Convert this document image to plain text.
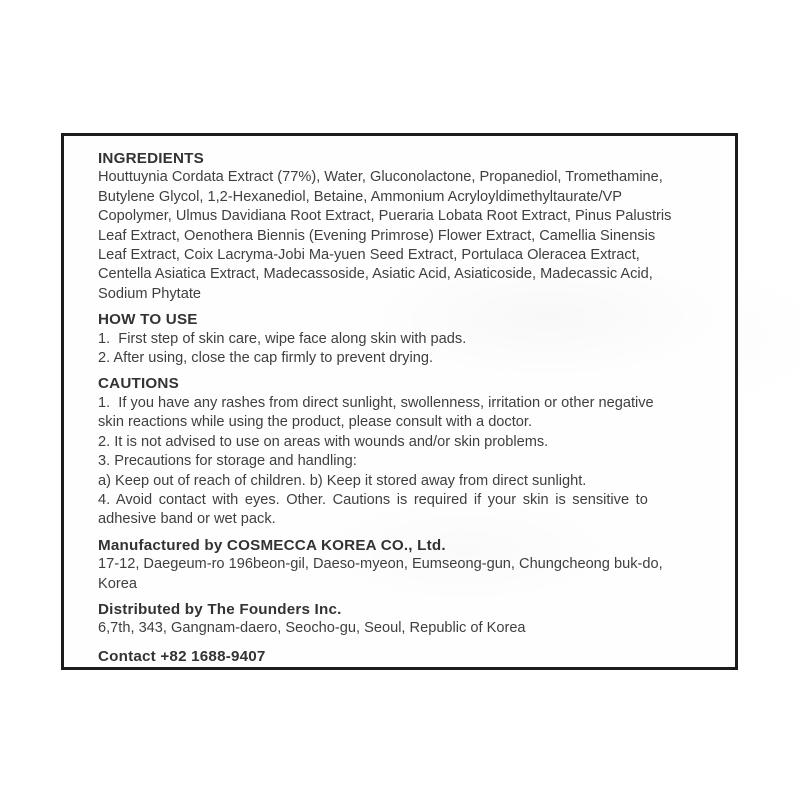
INGREDIENTS
Houttuynia Cordata Extract (77%), Water, Gluconolactone, Propanediol, Tromethamine,
Butylene Glycol, 1,2-Hexanediol, Betaine, Ammonium Acryloyldimethyltaurate/VP
Copolymer, Ulmus Davidiana Root Extract, Pueraria Lobata Root Extract, Pinus Palustris
Leaf Extract, Oenothera Biennis (Evening Primrose) Flower Extract, Camellia Sinensis
Leaf Extract, Coix Lacryma-Jobi Ma-yuen Seed Extract, Portulaca Oleracea Extract,
Centella Asiatica Extract, Madecassoside, Asiatic Acid, Asiaticoside, Madecassic Acid,
Sodium Phytate
HOW TO USE
1.  First step of skin care, wipe face along skin with pads.
2. After using, close the cap firmly to prevent drying.
CAUTIONS
1.  If you have any rashes from direct sunlight, swollenness, irritation or other negative
skin reactions while using the product, please consult with a doctor.
2. It is not advised to use on areas with wounds and/or skin problems.
3. Precautions for storage and handling:
a) Keep out of reach of children. b) Keep it stored away from direct sunlight.
4. Avoid contact with eyes. Other. Cautions is required if your skin is sensitive to
adhesive band or wet pack.
Manufactured by COSMECCA KOREA CO., Ltd.
17-12, Daegeum-ro 196beon-gil, Daeso-myeon, Eumseong-gun, Chungcheong buk-do,
Korea
Distributed by The Founders Inc.
6,7th, 343, Gangnam-daero, Seocho-gu, Seoul, Republic of Korea
Contact +82 1688-9407
